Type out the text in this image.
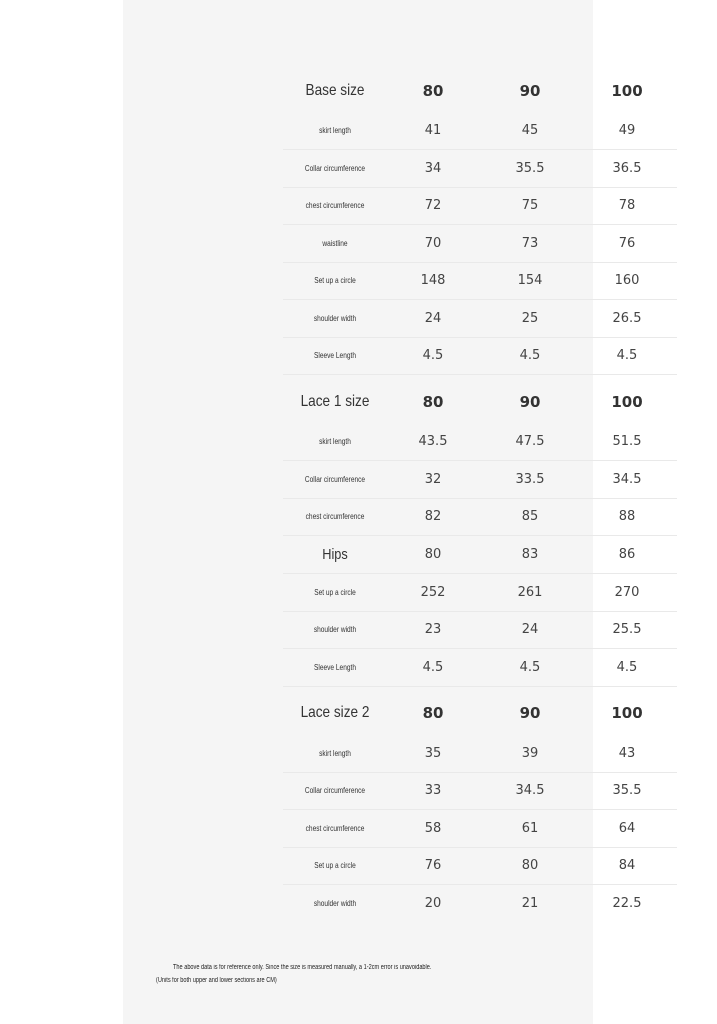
Base size	80	90	100
skirt length	41	45	49
Collar circumference	34	35.5	36.5
chest circumference	72	75	78
waistline	70	73	76
Set up a circle	148	154	160
shoulder width	24	25	26.5
Sleeve Length	4.5	4.5	4.5
Lace 1 size	80	90	100
skirt length	43.5	47.5	51.5
Collar circumference	32	33.5	34.5
chest circumference	82	85	88
Hips	80	83	86
Set up a circle	252	261	270
shoulder width	23	24	25.5
Sleeve Length	4.5	4.5	4.5
Lace size 2	80	90	100
skirt length	35	39	43
Collar circumference	33	34.5	35.5
chest circumference	58	61	64
Set up a circle	76	80	84
shoulder width	20	21	22.5
The above data is for reference only. Since the size is measured manually, a 1-2cm error is unavoidable.
(Units for both upper and lower sections are CM)
